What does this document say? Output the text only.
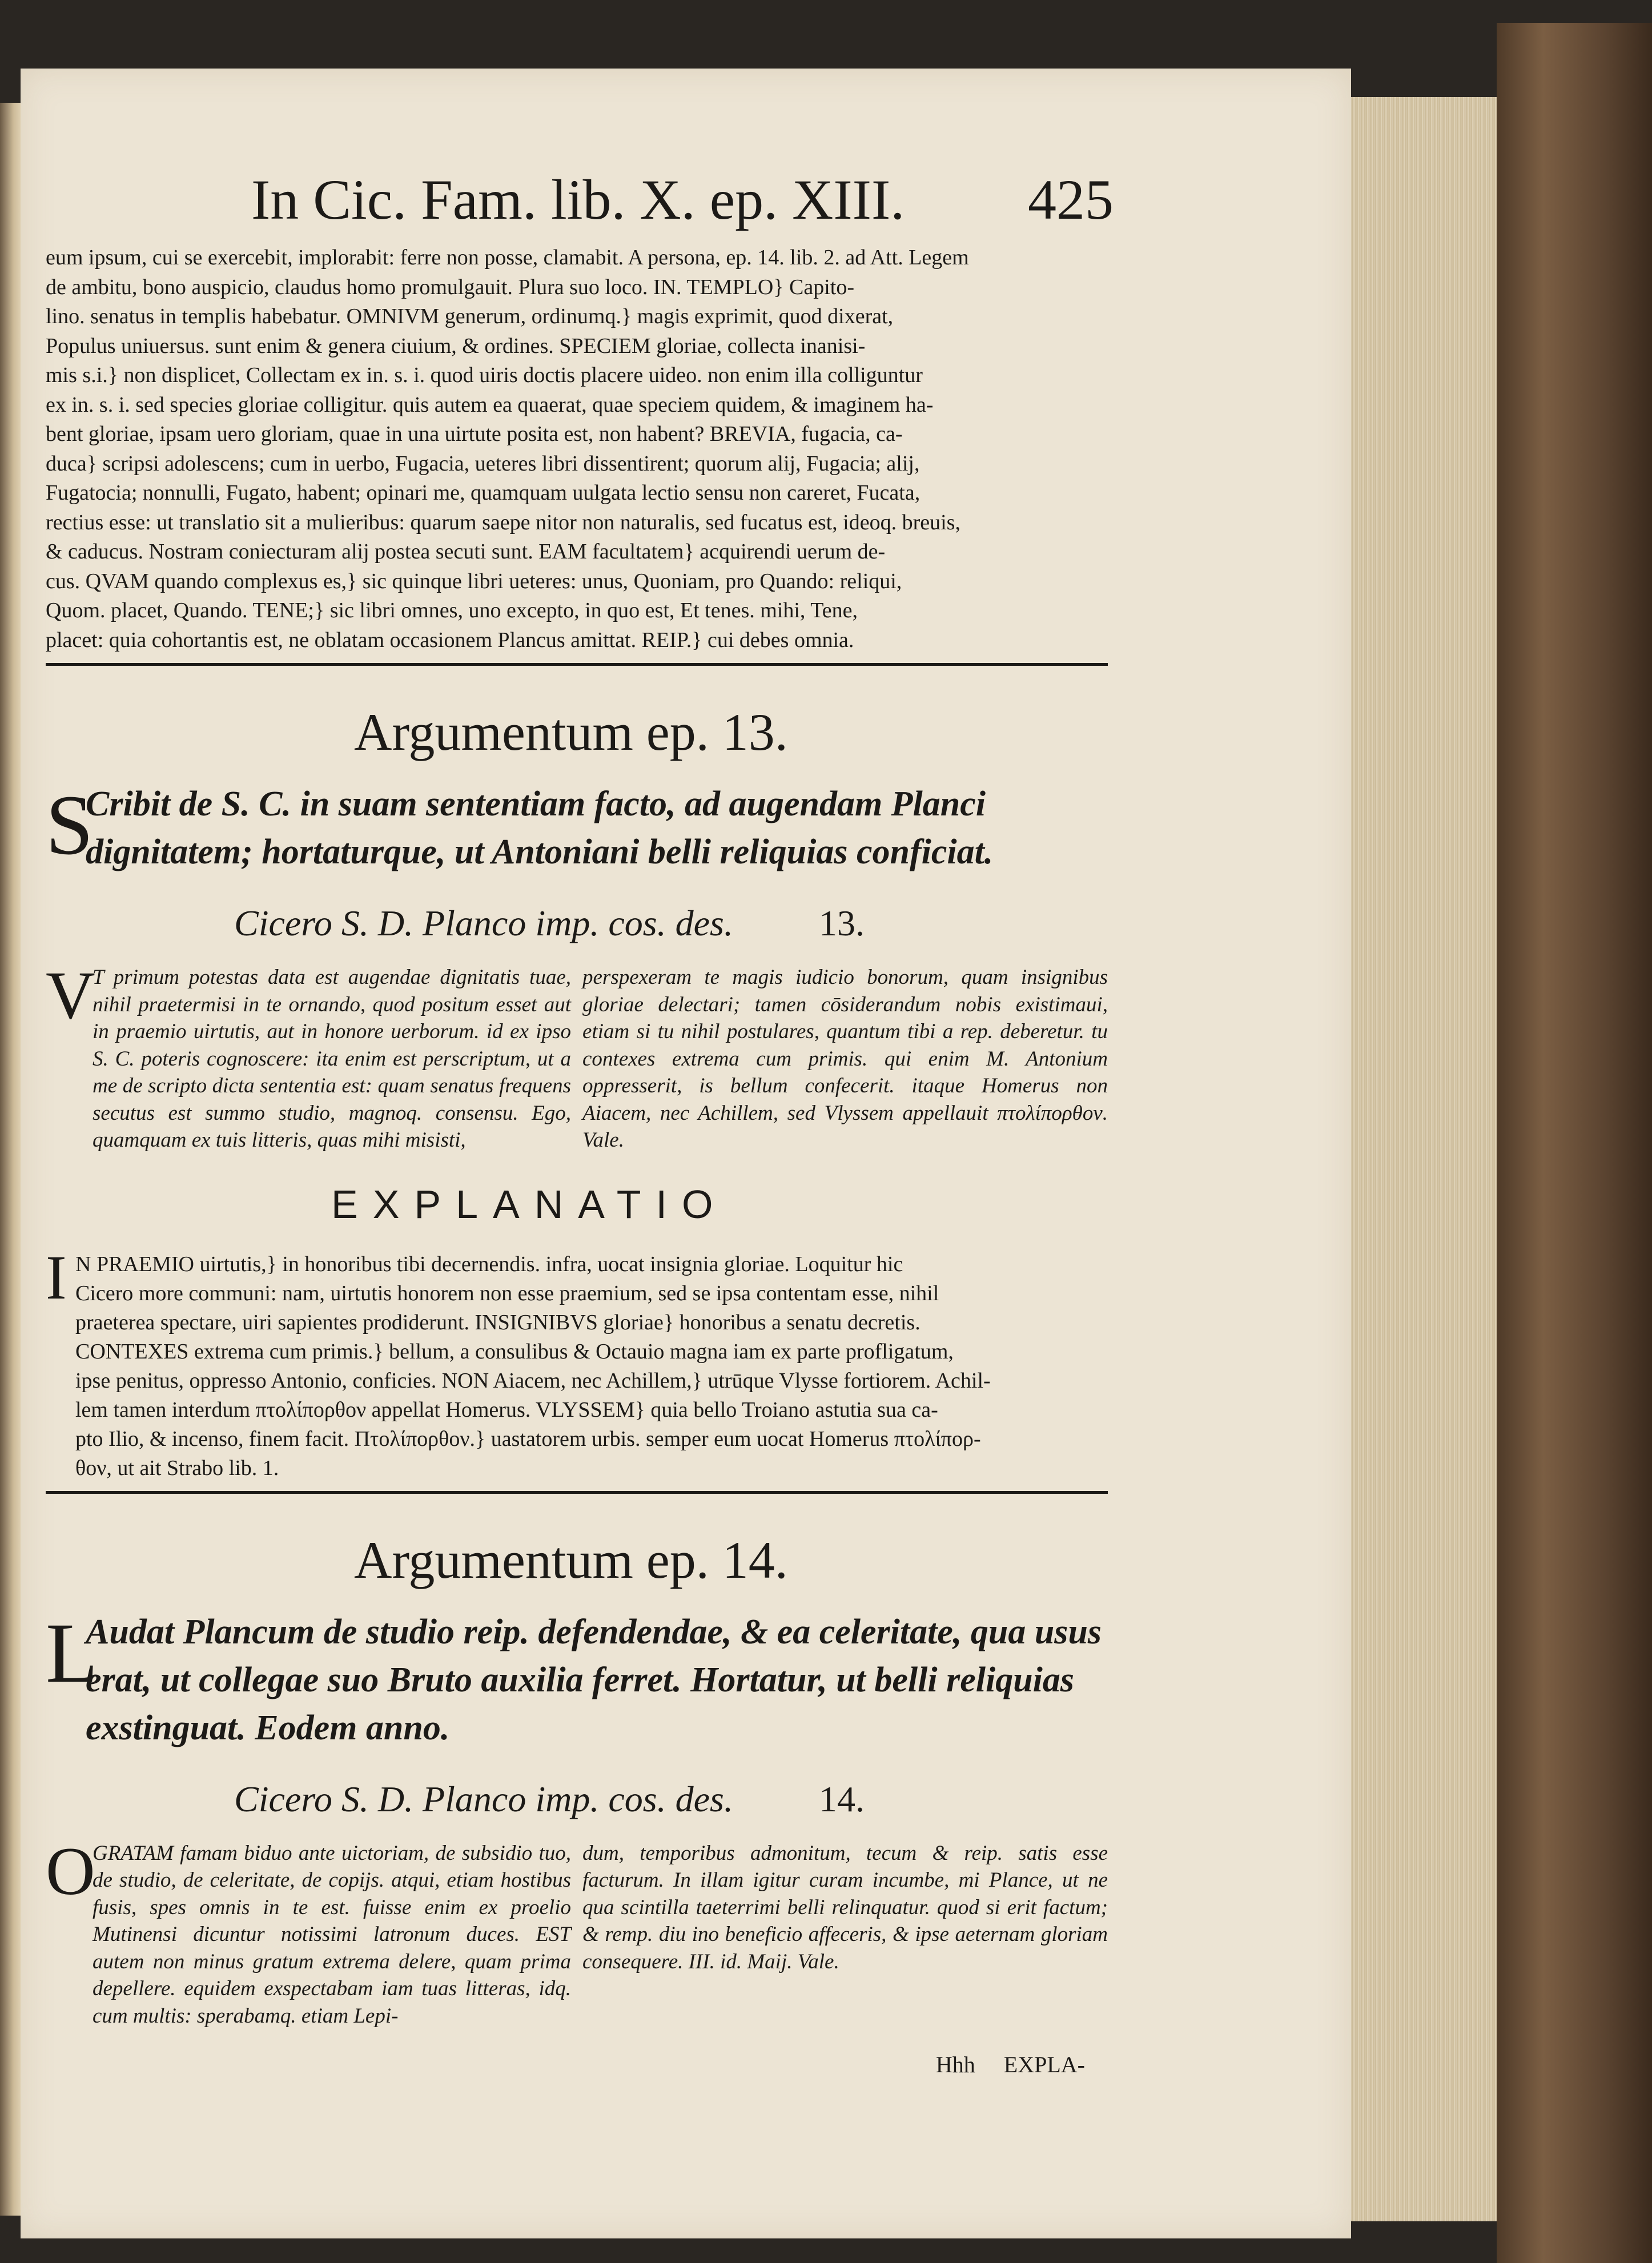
In Cic. Fam. lib. X. ep. XIII. 425

eum ipsum, cui se exercebit, implorabit: ferre non posse, clamabit. A persona, ep. 14. lib. 2. ad Att. Legem

de ambitu, bono auspicio, claudus homo promulgauit. Plura suo loco. IN. TEMPLO} Capito-

lino. senatus in templis habebatur. OMNIVM generum, ordinumq.} magis exprimit, quod dixerat,

Populus uniuersus. sunt enim & genera ciuium, & ordines. SPECIEM gloriae, collecta inanisi-

mis s.i.} non displicet, Collectam ex in. s. i. quod uiris doctis placere uideo. non enim illa colliguntur

ex in. s. i. sed species gloriae colligitur. quis autem ea quaerat, quae speciem quidem, & imaginem ha-

bent gloriae, ipsam uero gloriam, quae in una uirtute posita est, non habent? BREVIA, fugacia, ca-

duca} scripsi adolescens; cum in uerbo, Fugacia, ueteres libri dissentirent; quorum alij, Fugacia; alij,

Fugatocia; nonnulli, Fugato, habent; opinari me, quamquam uulgata lectio sensu non careret, Fucata,

rectius esse: ut translatio sit a mulieribus: quarum saepe nitor non naturalis, sed fucatus est, ideoq. breuis,

& caducus. Nostram coniecturam alij postea secuti sunt. EAM facultatem} acquirendi uerum de-

cus. QVAM quando complexus es,} sic quinque libri ueteres: unus, Quoniam, pro Quando: reliqui,

Quom. placet, Quando. TENE;} sic libri omnes, uno excepto, in quo est, Et tenes. mihi, Tene,

placet: quia cohortantis est, ne oblatam occasionem Plancus amittat. REIP.} cui debes omnia.

Argumentum ep. 13.
S
Cribit de S. C. in suam sententiam facto, ad augendam Planci dignitatem; hortaturque, ut Antoniani belli reliquias conficiat.
Cicero S. D. Planco imp. cos. des. 13.
V
T primum potestas data est augendae dignitatis tuae, nihil praetermisi in te ornando, quod positum esset aut in praemio uirtutis, aut in honore uerborum. id ex ipso S. C. poteris cognoscere: ita enim est perscriptum, ut a me de scripto dicta sententia est: quam senatus frequens secutus est summo studio, magnoq. consensu. Ego, quamquam ex tuis litteris, quas mihi misisti,
perspexeram te magis iudicio bonorum, quam insignibus gloriae delectari; tamen cōsiderandum nobis existimaui, etiam si tu nihil postulares, quantum tibi a rep. deberetur. tu contexes extrema cum primis. qui enim M. Antonium oppresserit, is bellum confecerit. itaque Homerus non Aiacem, nec Achillem, sed Vlyssem appellauit πτολίπορθον. Vale.
EXPLANATIO
I N PRAEMIO uirtutis,} in honoribus tibi decernendis. infra, uocat insignia gloriae. Loquitur hic

Cicero more communi: nam, uirtutis honorem non esse praemium, sed se ipsa contentam esse, nihil

praeterea spectare, uiri sapientes prodiderunt. INSIGNIBVS gloriae} honoribus a senatu decretis.

CONTEXES extrema cum primis.} bellum, a consulibus & Octauio magna iam ex parte profligatum,

ipse penitus, oppresso Antonio, conficies. NON Aiacem, nec Achillem,} utrūque Vlysse fortiorem. Achil-

lem tamen interdum πτολίπορθον appellat Homerus. VLYSSEM} quia bello Troiano astutia sua ca-

pto Ilio, & incenso, finem facit. Πτολίπορθον.} uastatorem urbis. semper eum uocat Homerus πτολίπορ-

θον, ut ait Strabo lib. 1.

Argumentum ep. 14.
L
Audat Plancum de studio reip. defendendae, & ea celeritate, qua usus erat, ut collegae suo Bruto auxilia ferret. Hortatur, ut belli reliquias exstinguat. Eodem anno.
Cicero S. D. Planco imp. cos. des. 14.
O
GRATAM famam biduo ante uictoriam, de subsidio tuo, de studio, de celeritate, de copijs. atqui, etiam hostibus fusis, spes omnis in te est. fuisse enim ex proelio Mutinensi dicuntur notissimi latronum duces. EST autem non minus gratum extrema delere, quam prima depellere. equidem exspectabam iam tuas litteras, idq. cum multis: sperabamq. etiam Lepi-
dum, temporibus admonitum, tecum & reip. satis esse facturum. In illam igitur curam incumbe, mi Plance, ut ne qua scintilla taeterrimi belli relinquatur. quod si erit factum; & remp. diu ino beneficio affeceris, & ipse aeternam gloriam consequere. III. id. Maij. Vale.
Hhh EXPLA-
